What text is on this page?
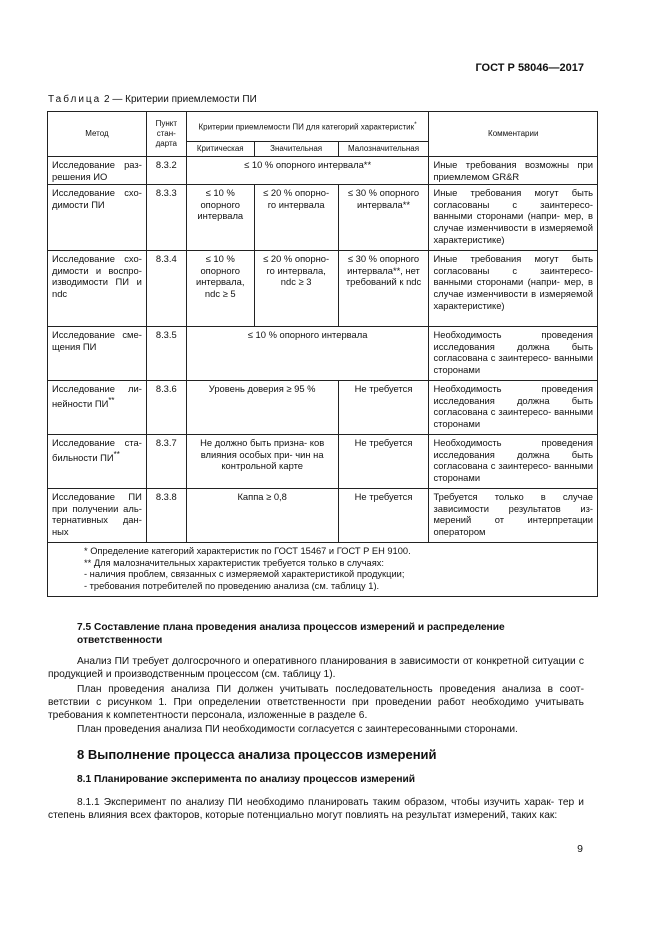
ГОСТ Р 58046—2017
Таблица 2 — Критерии приемлемости ПИ
Метод	Пункт стан- дарта	Критерии приемлемости ПИ для категорий характеристик*			Комментарии
		Критическая	Значительная	Малозначительная	
Исследование раз- решения ИО	8.3.2	≤ 10 % опорного интервала**			Иные требования возможны при приемлемом GR&R
Исследование схо- димости ПИ	8.3.3	≤ 10 % опорного интервала	≤ 20 % опорно- го интервала	≤ 30 % опорного интервала**	Иные требования могут быть согласованы с заинтересо- ванными сторонами (напри- мер, в случае изменчивости в измеряемой характеристике)
Исследование схо- димости и воспро- изводимости ПИ и ndc	8.3.4	≤ 10 % опорного интервала, ndc ≥ 5	≤ 20 % опорно- го интервала, ndc ≥ 3	≤ 30 % опорного интервала**, нет требований к ndc	Иные требования могут быть согласованы с заинтересо- ванными сторонами (напри- мер, в случае изменчивости в измеряемой характеристике)
Исследование сме- щения ПИ	8.3.5	≤ 10 % опорного интервала			Необходимость проведения исследования должна быть согласована с заинтересо- ванными сторонами
Исследование ли- нейности ПИ**	8.3.6	Уровень доверия ≥ 95 %		Не требуется	Необходимость проведения исследования должна быть согласована с заинтересо- ванными сторонами
Исследование ста- бильности ПИ**	8.3.7	Не должно быть призна- ков влияния особых при- чин на контрольной карте		Не требуется	Необходимость проведения исследования должна быть согласована с заинтересо- ванными сторонами
Исследование ПИ при получении аль- тернативных дан- ных	8.3.8	Каппа ≥ 0,8		Не требуется	Требуется только в случае зависимости результатов из- мерений от интерпретации оператором

* Определение категорий характеристик по ГОСТ 15467 и ГОСТ Р ЕН 9100.
** Для малозначительных характеристик требуется только в случаях:
- наличия проблем, связанных с измеряемой характеристикой продукции;
- требования потребителей по проведению анализа (см. таблицу 1).					
7.5 Составление плана проведения анализа процессов измерений и распределение ответственности
Анализ ПИ требует долгосрочного и оперативного планирования в зависимости от конкретной ситуации с продукцией и производственным процессом (см. таблицу 1).
План проведения анализа ПИ должен учитывать последовательность проведения анализа в соот- ветствии с рисунком 1. При определении ответственности при проведении работ необходимо учитывать требования к компетентности персонала, изложенные в разделе 6.
План проведения анализа ПИ необходимости согласуется с заинтересованными сторонами.
8 Выполнение процесса анализа процессов измерений
8.1 Планирование эксперимента по анализу процессов измерений
8.1.1 Эксперимент по анализу ПИ необходимо планировать таким образом, чтобы изучить харак- тер и степень влияния всех факторов, которые потенциально могут повлиять на результат измерений, таких как:
9
